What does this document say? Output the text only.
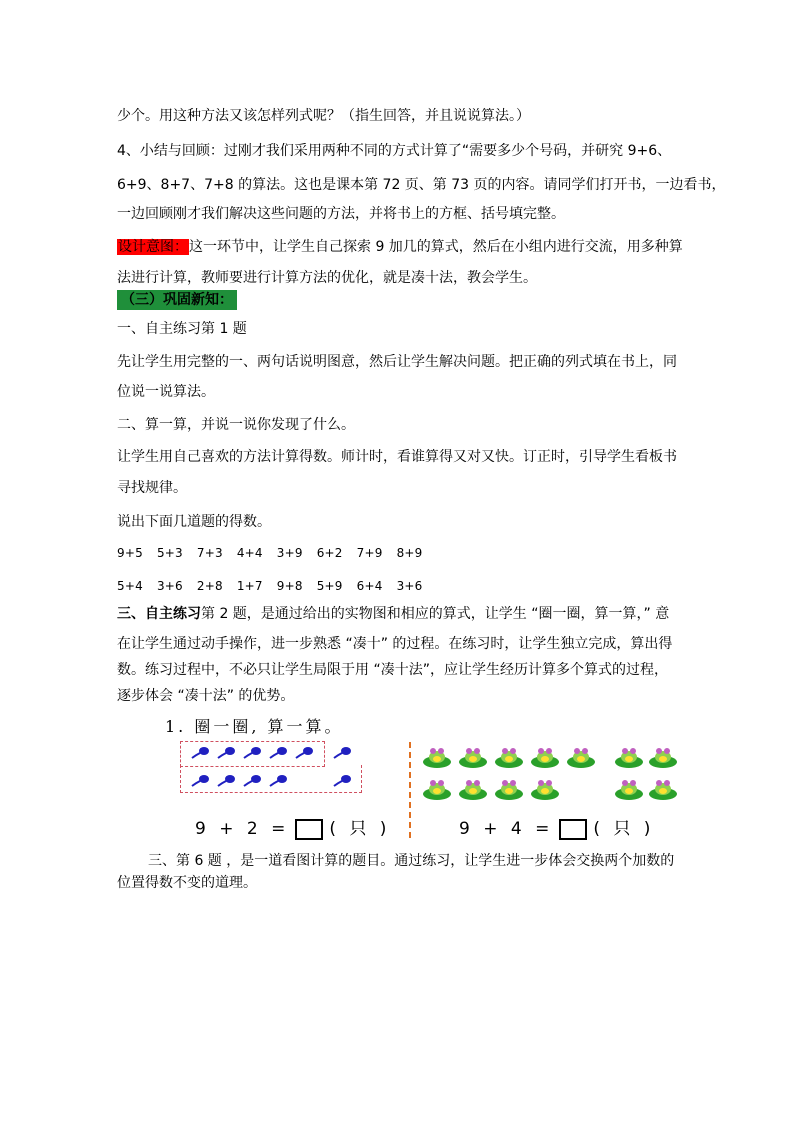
少个。用这种方法又该怎样列式呢？（指生回答，并且说说算法。）
4、小结与回顾：过刚才我们采用两种不同的方式计算了“需要多少个号码，并研究 9+6、
6+9、8+7、7+8 的算法。这也是课本第 72 页、第 73 页的内容。请同学们打开书，一边看书，
一边回顾刚才我们解决这些问题的方法，并将书上的方框、括号填完整。
设计意图：这一环节中，让学生自己探索 9 加几的算式，然后在小组内进行交流，用多种算
法进行计算，教师要进行计算方法的优化，就是凑十法，教会学生。
（三）巩固新知：
一、自主练习第 1 题
先让学生用完整的一、两句话说明图意，然后让学生解决问题。把正确的列式填在书上，同
位说一说算法。
二、算一算，并说一说你发现了什么。
让学生用自己喜欢的方法计算得数。师计时，看谁算得又对又快。订正时，引导学生看板书
寻找规律。
说出下面几道题的得数。
9+5 5+3 7+3 4+4 3+9 6+2 7+9 8+9
5+4 3+6 2+8 1+7 9+8 5+9 6+4 3+6
三、自主练习第 2 题，是通过给出的实物图和相应的算式，让学生 “圈一圈，算一算，” 意
在让学生通过动手操作，进一步熟悉 “凑十” 的过程。在练习时，让学生独立完成，算出得
数。练习过程中，不必只让学生局限于用 “凑十法”，应让学生经历计算多个算式的过程，
逐步体会 “凑十法” 的优势。
1. 圈一圈, 算一算。
9 + 2 = ( 只 )	9 + 4 = ( 只 )
三、第 6 题 ，是一道看图计算的题目。通过练习，让学生进一步体会交换两个加数的
位置得数不变的道理。
